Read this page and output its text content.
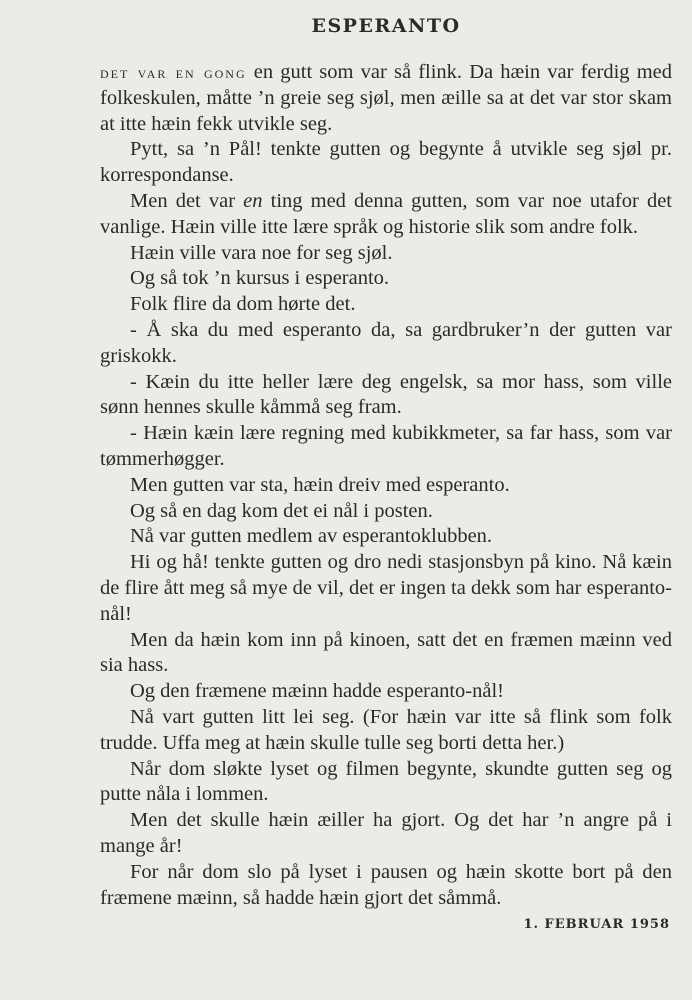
ESPERANTO

det var en gong en gutt som var så flink. Da hæin var ferdig med folkeskulen, måtte ’n greie seg sjøl, men æille sa at det var stor skam at itte hæin fekk utvikle seg.

Pytt, sa ’n Pål! tenkte gutten og begynte å utvikle seg sjøl pr. korrespondanse.

Men det var en ting med denna gutten, som var noe utafor det vanlige. Hæin ville itte lære språk og historie slik som andre folk.

Hæin ville vara noe for seg sjøl.

Og så tok ’n kursus i esperanto.

Folk flire da dom hørte det.

- Å ska du med esperanto da, sa gardbruker’n der gutten var griskokk.

- Kæin du itte heller lære deg engelsk, sa mor hass, som ville sønn hennes skulle kåmmå seg fram.

- Hæin kæin lære regning med kubikkmeter, sa far hass, som var tømmerhøgger.

Men gutten var sta, hæin dreiv med esperanto.

Og så en dag kom det ei nål i posten.

Nå var gutten medlem av esperantoklubben.

Hi og hå! tenkte gutten og dro nedi stasjonsbyn på kino. Nå kæin de flire ått meg så mye de vil, det er ingen ta dekk som har esperanto-nål!

Men da hæin kom inn på kinoen, satt det en fræmen mæinn ved sia hass.

Og den fræmene mæinn hadde esperanto-nål!

Nå vart gutten litt lei seg. (For hæin var itte så flink som folk trudde. Uffa meg at hæin skulle tulle seg borti detta her.)

Når dom sløkte lyset og filmen begynte, skundte gutten seg og putte nåla i lommen.

Men det skulle hæin æiller ha gjort. Og det har ’n angre på i mange år!

For når dom slo på lyset i pausen og hæin skotte bort på den fræmene mæinn, så hadde hæin gjort det såmmå.

1. FEBRUAR 1958
